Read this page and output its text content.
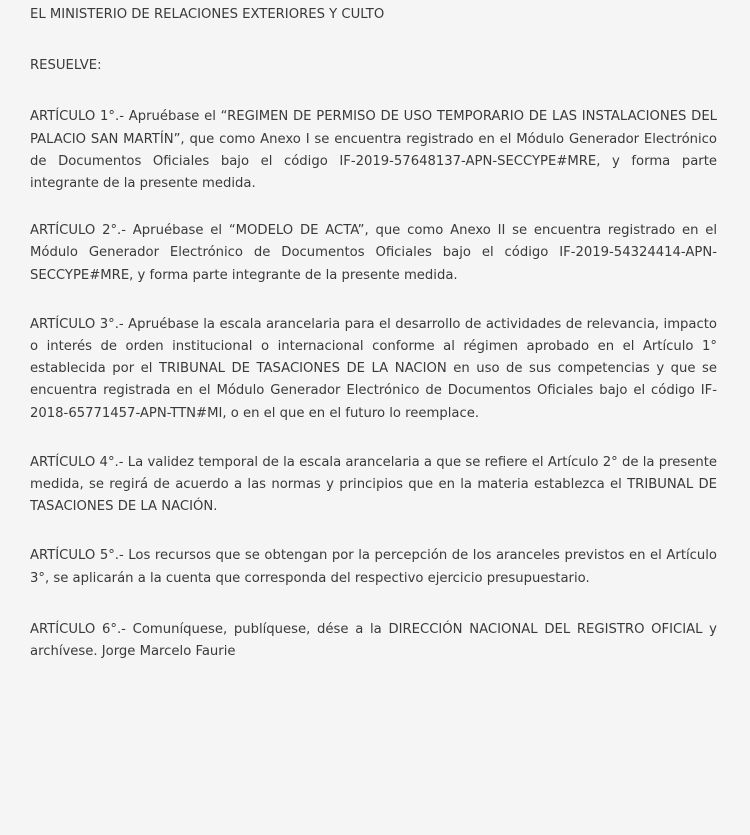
EL MINISTERIO DE RELACIONES EXTERIORES Y CULTO

RESUELVE:

ARTÍCULO 1°.- Apruébase el “REGIMEN DE PERMISO DE USO TEMPORARIO DE LAS INSTALACIONES DEL PALACIO SAN MARTÍN”, que como Anexo I se encuentra registrado en el Módulo Generador Electrónico de Documentos Oficiales bajo el código IF-2019-57648137-APN-SECCYPE#MRE, y forma parte integrante de la presente medida.

ARTÍCULO 2°.- Apruébase el “MODELO DE ACTA”, que como Anexo II se encuentra registrado en el Módulo Generador Electrónico de Documentos Oficiales bajo el código IF-2019-54324414-APN-SECCYPE#MRE, y forma parte integrante de la presente medida.

ARTÍCULO 3°.- Apruébase la escala arancelaria para el desarrollo de actividades de relevancia, impacto o interés de orden institucional o internacional conforme al régimen aprobado en el Artículo 1° establecida por el TRIBUNAL DE TASACIONES DE LA NACION en uso de sus competencias y que se encuentra registrada en el Módulo Generador Electrónico de Documentos Oficiales bajo el código IF-2018-65771457-APN-TTN#MI, o en el que en el futuro lo reemplace.

ARTÍCULO 4°.- La validez temporal de la escala arancelaria a que se refiere el Artículo 2° de la presente medida, se regirá de acuerdo a las normas y principios que en la materia establezca el TRIBUNAL DE TASACIONES DE LA NACIÓN.

ARTÍCULO 5°.- Los recursos que se obtengan por la percepción de los aranceles previstos en el Artículo 3°, se aplicarán a la cuenta que corresponda del respectivo ejercicio presupuestario.

ARTÍCULO 6°.- Comuníquese, publíquese, dése a la DIRECCIÓN NACIONAL DEL REGISTRO OFICIAL y archívese. Jorge Marcelo Faurie
